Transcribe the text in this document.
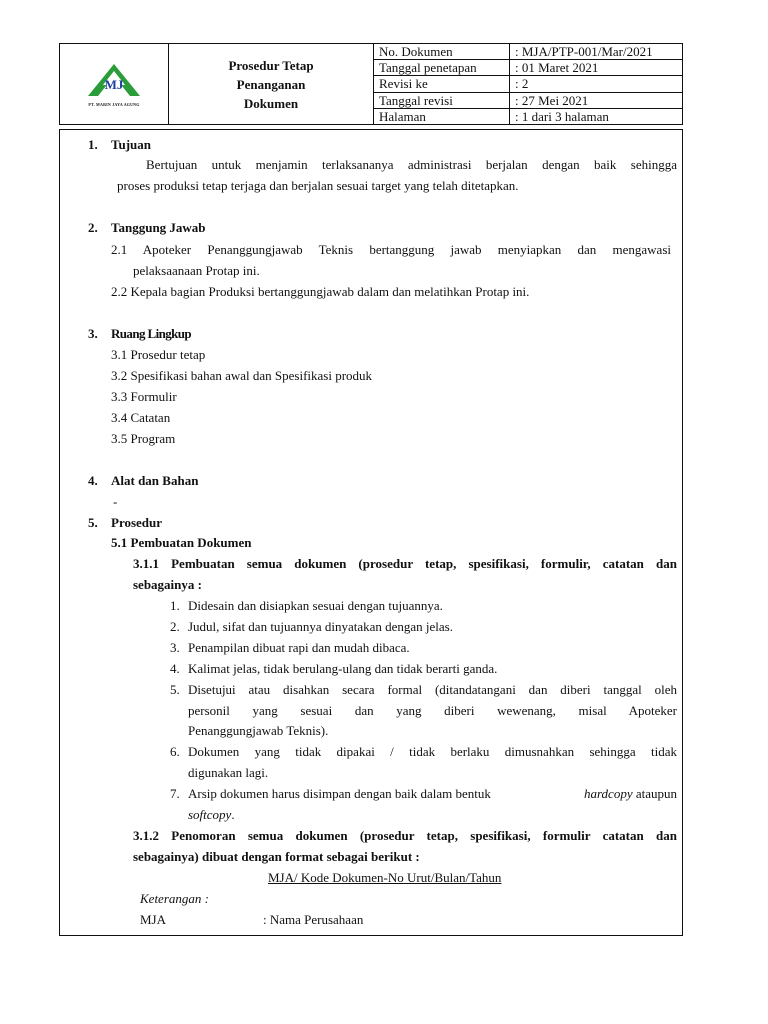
MJ
PT. MARIN JAYA AGUNG
Prosedur Tetap
Penanganan
Dokumen
No. Dokumen	: MJA/PTP-001/Mar/2021
Tanggal penetapan	: 01 Maret 2021
Revisi ke	: 2
Tanggal revisi	: 27 Mei 2021
Halaman	: 1 dari 3 halaman
1. Tujuan
Bertujuan untuk menjamin terlaksananya administrasi berjalan dengan baik sehingga
proses produksi tetap terjaga dan berjalan sesuai target yang telah ditetapkan.
2. Tanggung Jawab
2.1 Apoteker Penanggungjawab Teknis bertanggung jawab menyiapkan dan mengawasi
pelaksaanaan Protap ini.
2.2 Kepala bagian Produksi bertanggungjawab dalam dan melatihkan Protap ini.
3. Ruang Lingkup
3.1 Prosedur tetap
3.2 Spesifikasi bahan awal dan Spesifikasi produk
3.3 Formulir
3.4 Catatan
3.5 Program
4. Alat dan Bahan
-
5. Prosedur
5.1 Pembuatan Dokumen
3.1.1 Pembuatan semua dokumen (prosedur tetap, spesifikasi, formulir, catatan dan
sebagainya :
1. Didesain dan disiapkan sesuai dengan tujuannya.
2. Judul, sifat dan tujuannya dinyatakan dengan jelas.
3. Penampilan dibuat rapi dan mudah dibaca.
4. Kalimat jelas, tidak berulang-ulang dan tidak berarti ganda.
5. Disetujui atau disahkan secara formal (ditandatangani dan diberi tanggal oleh
personil yang sesuai dan yang diberi wewenang, misal Apoteker
Penanggungjawab Teknis).
6. Dokumen yang tidak dipakai / tidak berlaku dimusnahkan sehingga tidak
digunakan lagi.
7. Arsip dokumen harus disimpan dengan baik dalam bentuk	hardcopy ataupun
softcopy.
3.1.2 Penomoran semua dokumen (prosedur tetap, spesifikasi, formulir catatan dan
sebagainya) dibuat dengan format sebagai berikut :
MJA/ Kode Dokumen-No Urut/Bulan/Tahun
Keterangan :
MJA	: Nama Perusahaan
